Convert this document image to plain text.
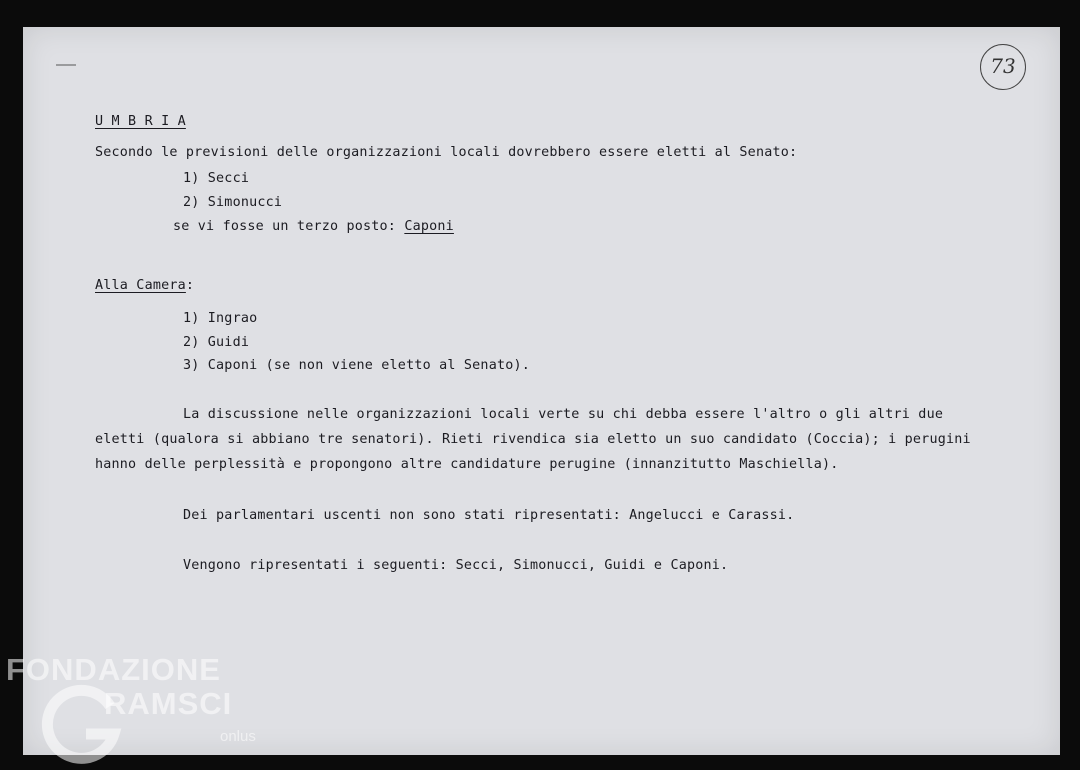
73
U M B R I A
Secondo le previsioni delle organizzazioni locali dovrebbero essere eletti al Senato:
1) Secci
2) Simonucci
se vi fosse un terzo posto: Caponi
Alla Camera:
1) Ingrao
2) Guidi
3) Caponi (se non viene eletto al Senato).
La discussione nelle organizzazioni locali verte su chi debba essere l'altro o gli altri due
eletti (qualora si abbiano tre senatori). Rieti rivendica sia eletto un suo candidato (Coccia); i perugini
hanno delle perplessità e propongono altre candidature perugine (innanzitutto Maschiella).
Dei parlamentari uscenti non sono stati ripresentati: Angelucci e Carassi.
Vengono ripresentati i seguenti: Secci, Simonucci, Guidi e Caponi.
FONDAZIONE
RAMSCI
onlus
